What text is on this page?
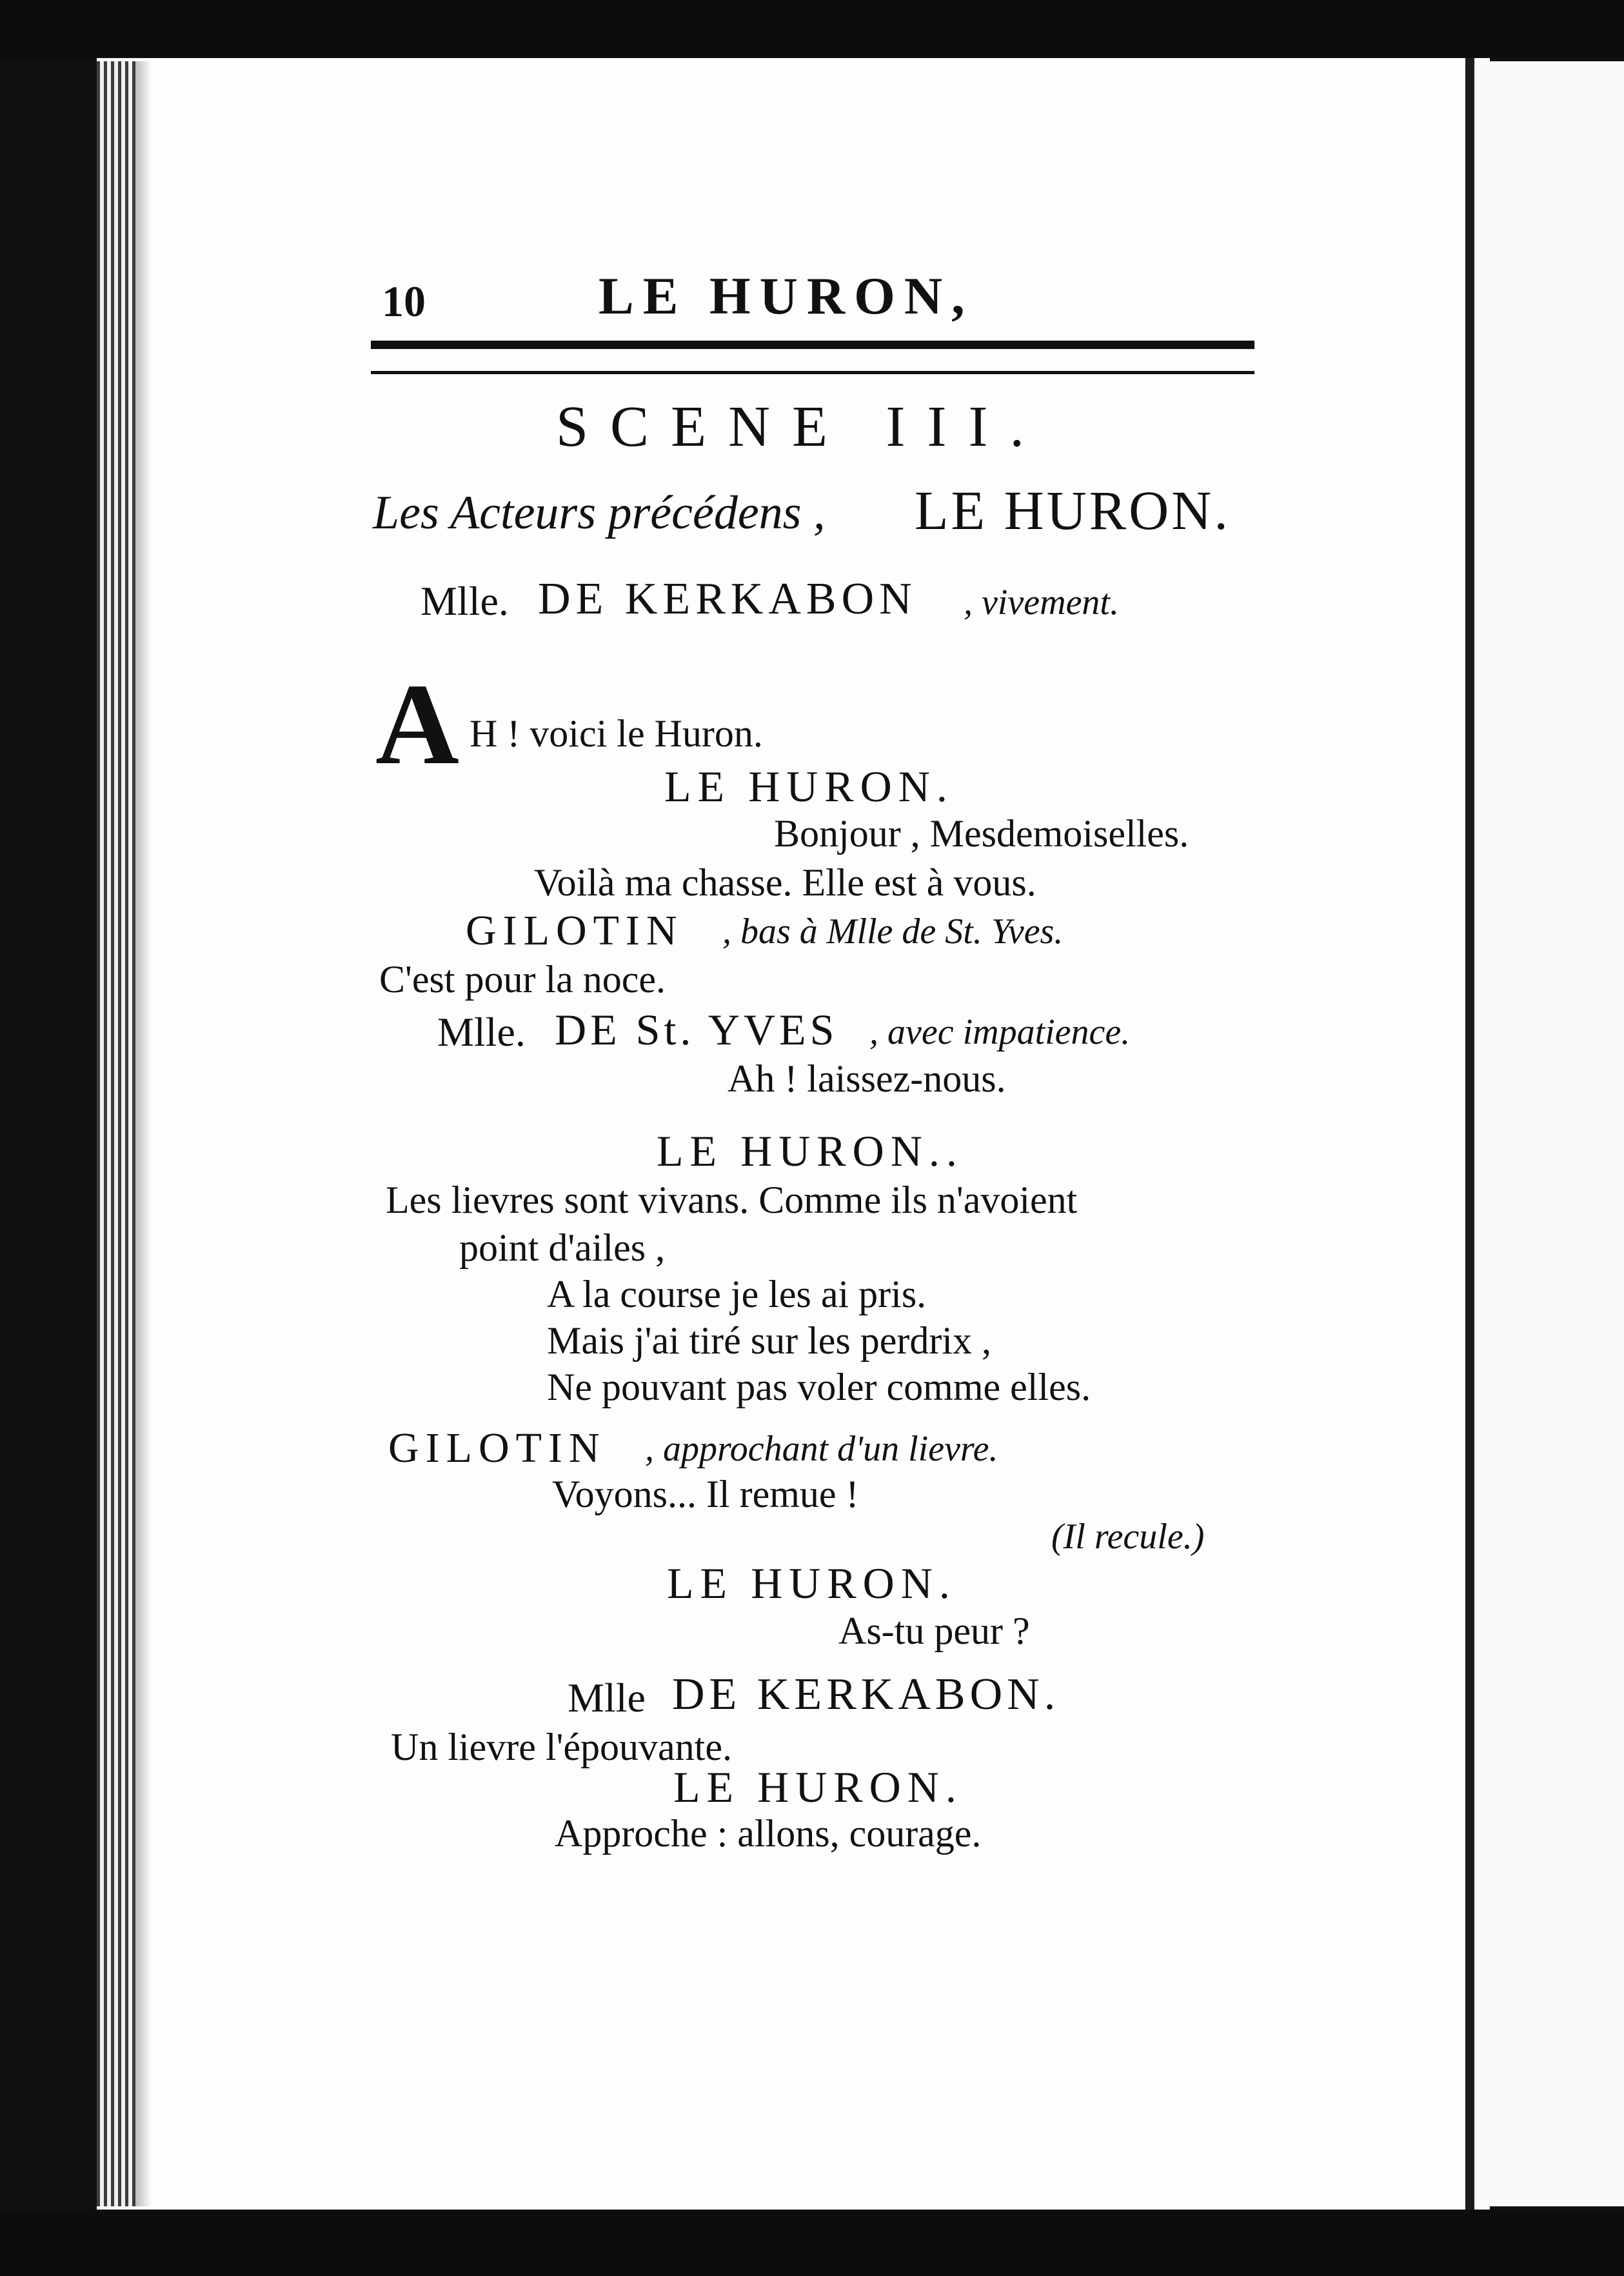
10	LE HURON,
SCENE III.
Les Acteurs précédens , LE HURON.
Mlle. DE KERKABON , vivement.
A H ! voici le Huron.
LE HURON.
Bonjour , Mesdemoiselles.
Voilà ma chasse. Elle est à vous.
GILOTIN , bas à Mlle de St. Yves.
C'est pour la noce.
Mlle. DE St. YVES , avec impatience.
Ah ! laissez-nous.
LE HURON..
Les lievres sont vivans. Comme ils n'avoient
point d'ailes ,
A la course je les ai pris.
Mais j'ai tiré sur les perdrix ,
Ne pouvant pas voler comme elles.
GILOTIN , approchant d'un lievre.
Voyons... Il remue !
(Il recule.)
LE HURON.
As-tu peur ?
Mlle DE KERKABON.
Un lievre l'épouvante.
LE HURON.
Approche : allons, courage.
